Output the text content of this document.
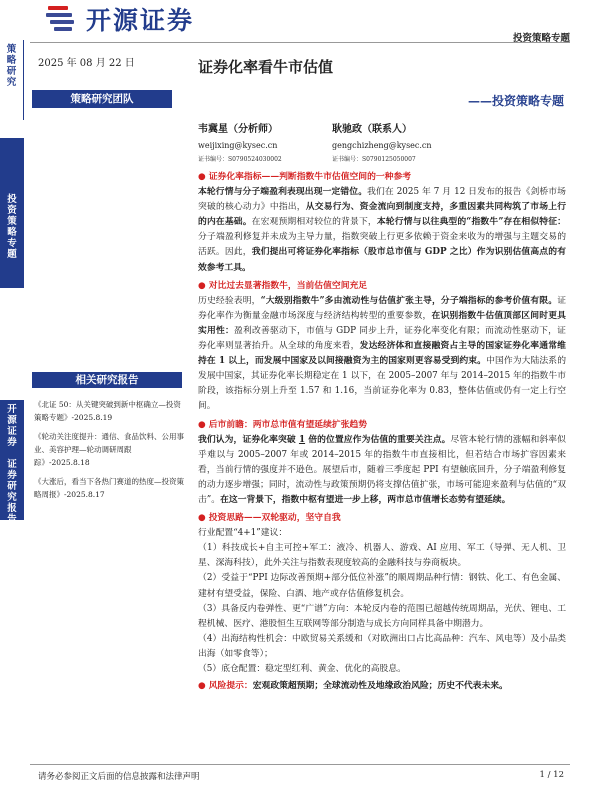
开源证券
投资策略专题
策
略
研
究
投
资
策
略
专
题
开
源
证
券

证
券
研
究
报
告
2025 年 08 月 22 日
策略研究团队
证券化率看牛市估值
——投资策略专题
韦冀星（分析师）
weijixing@kysec.cn
证书编号：S0790524030002
耿驰政（联系人）
gengchizheng@kysec.cn
证书编号：S0790125050007
相关研究报告
《北证 50：从关键突破到新中枢确立—投资策略专题》-2025.8.19
《轮动关注度提升：通信、食品饮料、公用事业、美容护理—轮动调研周跟踪》-2025.8.18
《大涨后，看当下各热门赛道的热度—投资策略周报》-2025.8.17
● 证券化率指标——判断指数牛市估值空间的一种参考
本轮行情与分子端盈利表现出现一定错位。我们在 2025 年 7 月 12 日发布的报告《剑桥市场突破的核心动力》中指出，从交易行为、资金流向到制度支持，多重因素共同构筑了市场上行的内在基础。在宏观预期相对较位的背景下，本轮行情与以往典型的“指数牛”存在相似特征：分子端盈利修复并未成为主导力量，指数突破上行更多依赖于资金来收为的增强与主题交易的活跃。因此，我们提出可将证券化率指标（股市总市值与 GDP 之比）作为识别估值高点的有效参考工具。
● 对比过去显著指数牛，当前估值空间充足
历史经验表明，“大级别指数牛”多由流动性与估值扩张主导，分子端指标的参考价值有限。证券化率作为衡量金融市场深度与经济结构转型的重要参数，在识别指数牛估值顶部区间时更具实用性：盈利改善驱动下，市值与 GDP 同步上升，证券化率变化有限；而流动性驱动下，证券化率则显著抬升。从全球的角度来看，发达经济体和直接融资占主导的国家证券化率通常维持在 1 以上，而发展中国家及以间接融资为主的国家则更容易受到约束。中国作为大陆法系的发展中国家，其证券化率长期稳定在 1 以下，在 2005–2007 年与 2014–2015 年的指数牛市阶段，该指标分别上升至 1.57 和 1.16，当前证券化率为 0.83，整体估值或仍有一定上行空间。
● 后市前瞻：两市总市值有望延续扩张趋势
我们认为，证券化率突破 1 倍的位置应作为估值的重要关注点。尽管本轮行情的涨幅和斜率似乎难以与 2005–2007 年或 2014–2015 年的指数牛市直接相比，但若结合市场扩容因素来看，当前行情的强度并不逊色。展望后市，随着三季度起 PPI 有望触底回升，分子端盈利修复的动力逐步增强；同时，流动性与政策预期仍将支撑估值扩张，市场可能迎来盈利与估值的“双击”。在这一背景下，指数中枢有望进一步上移，两市总市值增长态势有望延续。
● 投资思路——双轮驱动，坚守自我
行业配置“4+1”建议：
（1）科技成长+自主可控+军工：液冷、机器人、游戏、AI 应用、军工（导弹、无人机、卫星、深海科技），此外关注与指数表现度较高的金融科技与券商板块。
（2）受益于“PPI 边际改善预期+部分低位补涨”的顺周期品种行情：钢铁、化工、有色金属、建材有望受益，保险、白酒、地产或存估值修复机会。
（3）具备反内卷弹性、更“广谱”方向：本轮反内卷的范围已超越传统周期品，光伏、锂电、工程机械、医疗、港股恒生互联网等部分制造与成长方向同样具备中期潜力。
（4）出海结构性机会：中欧贸易关系缓和（对欧洲出口占比高品种：汽车、风电等）及小品类出海（如零食等）；
（5）底仓配置：稳定型红利、黄金、优化的高股息。
● 风险提示：宏观政策超预期；全球流动性及地缘政治风险；历史不代表未来。
请务必参阅正文后面的信息披露和法律声明	1 / 12
